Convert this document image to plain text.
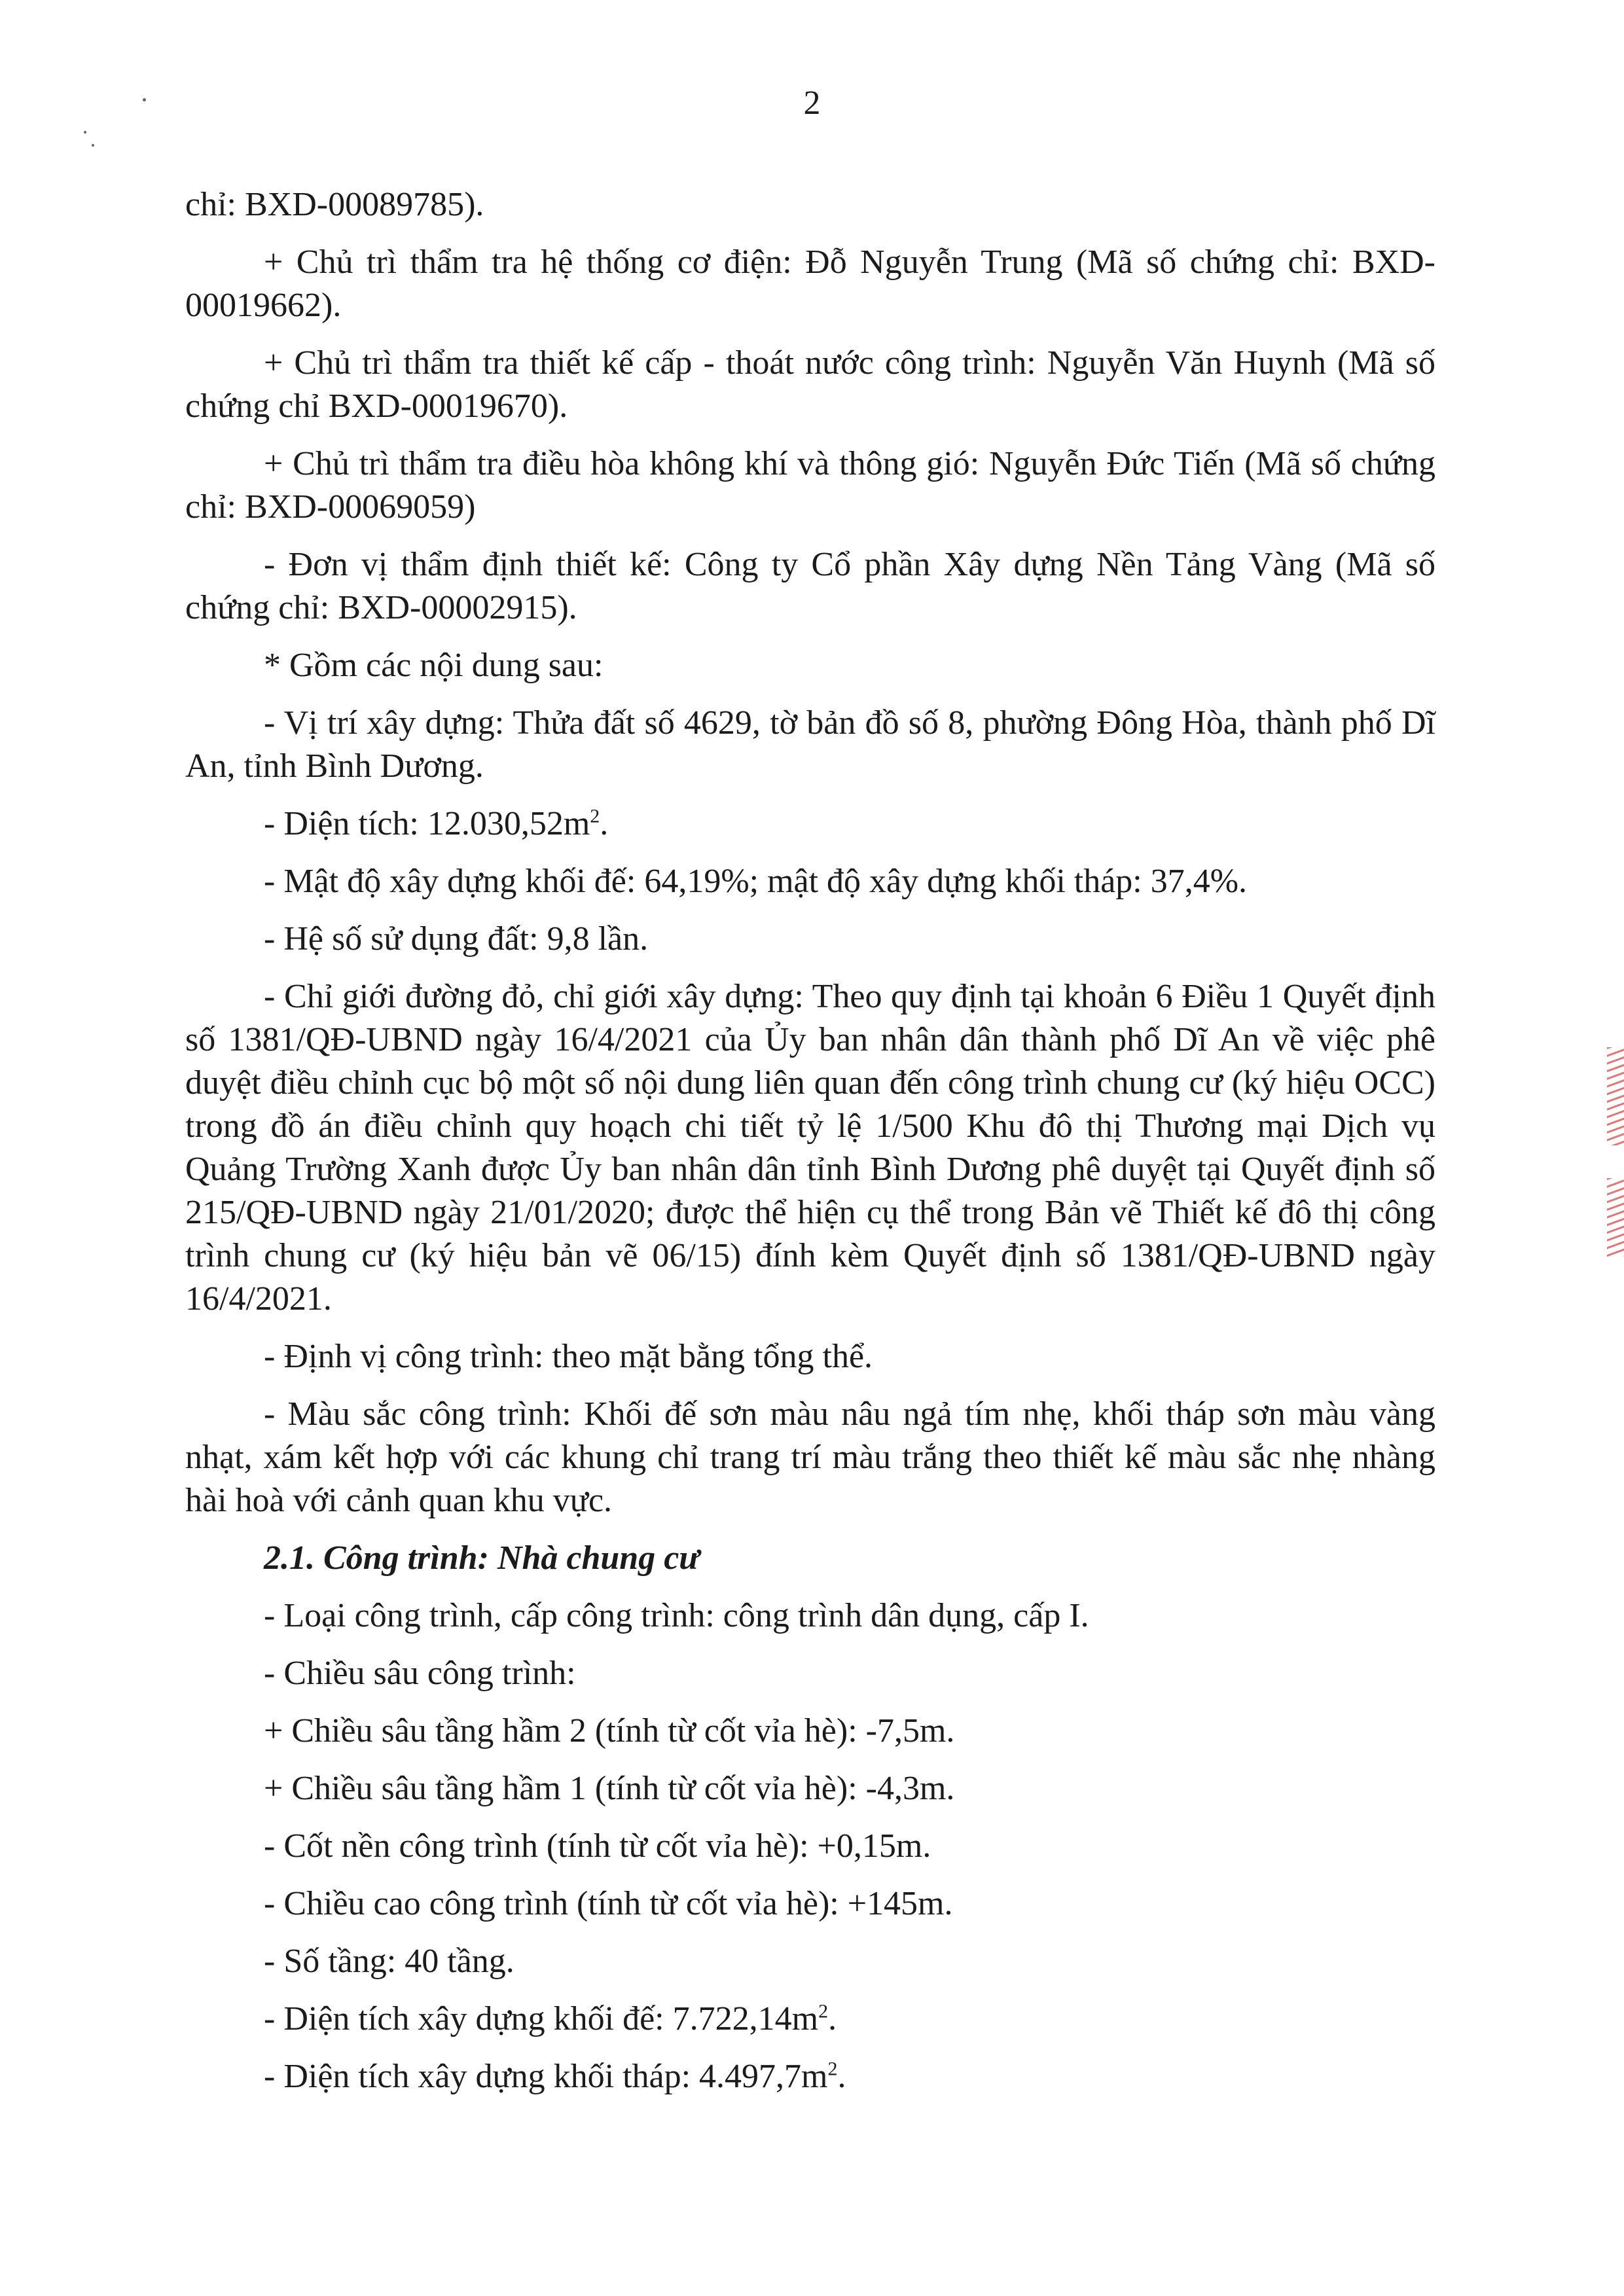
2

chỉ: BXD-00089785).

+ Chủ trì thẩm tra hệ thống cơ điện: Đỗ Nguyễn Trung (Mã số chứng chỉ: BXD-00019662).

+ Chủ trì thẩm tra thiết kế cấp - thoát nước công trình: Nguyễn Văn Huynh (Mã số chứng chỉ BXD-00019670).

+ Chủ trì thẩm tra điều hòa không khí và thông gió: Nguyễn Đức Tiến (Mã số chứng chỉ: BXD-00069059)

- Đơn vị thẩm định thiết kế: Công ty Cổ phần Xây dựng Nền Tảng Vàng (Mã số chứng chỉ: BXD-00002915).

* Gồm các nội dung sau:

- Vị trí xây dựng: Thửa đất số 4629, tờ bản đồ số 8, phường Đông Hòa, thành phố Dĩ An, tỉnh Bình Dương.

- Diện tích: $12.030,52m^2$.

- Mật độ xây dựng khối đế: 64,19%; mật độ xây dựng khối tháp: 37,4%.

- Hệ số sử dụng đất: 9,8 lần.

- Chỉ giới đường đỏ, chỉ giới xây dựng: Theo quy định tại khoản 6 Điều 1 Quyết định số 1381/QĐ-UBND ngày 16/4/2021 của Ủy ban nhân dân thành phố Dĩ An về việc phê duyệt điều chỉnh cục bộ một số nội dung liên quan đến công trình chung cư (ký hiệu OCC) trong đồ án điều chỉnh quy hoạch chi tiết tỷ lệ 1/500 Khu đô thị Thương mại Dịch vụ Quảng Trường Xanh được Ủy ban nhân dân tỉnh Bình Dương phê duyệt tại Quyết định số 215/QĐ-UBND ngày 21/01/2020; được thể hiện cụ thể trong Bản vẽ Thiết kế đô thị công trình chung cư (ký hiệu bản vẽ 06/15) đính kèm Quyết định số 1381/QĐ-UBND ngày 16/4/2021.

- Định vị công trình: theo mặt bằng tổng thể.

- Màu sắc công trình: Khối đế sơn màu nâu ngả tím nhẹ, khối tháp sơn màu vàng nhạt, xám kết hợp với các khung chỉ trang trí màu trắng theo thiết kế màu sắc nhẹ nhàng hài hoà với cảnh quan khu vực.

2.1. Công trình: Nhà chung cư

- Loại công trình, cấp công trình: công trình dân dụng, cấp I.

- Chiều sâu công trình:

+ Chiều sâu tầng hầm 2 (tính từ cốt vỉa hè): -7,5m.

+ Chiều sâu tầng hầm 1 (tính từ cốt vỉa hè): -4,3m.

- Cốt nền công trình (tính từ cốt vỉa hè): +0,15m.

- Chiều cao công trình (tính từ cốt vỉa hè): +145m.

- Số tầng: 40 tầng.

- Diện tích xây dựng khối đế: $7.722,14m^2$.

- Diện tích xây dựng khối tháp: $4.497,7m^2$.
